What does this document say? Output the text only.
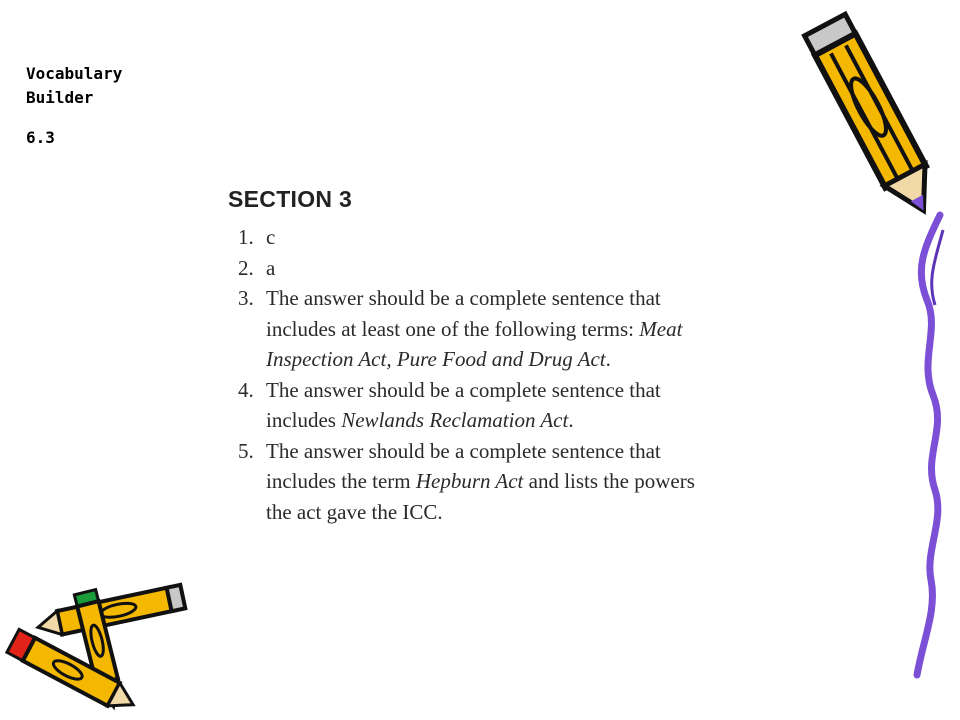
Vocabulary Builder
6.3
SECTION 3
1. c
2. a
3. The answer should be a complete sentence that includes at least one of the following terms: Meat Inspection Act, Pure Food and Drug Act.
4. The answer should be a complete sentence that includes Newlands Reclamation Act.
5. The answer should be a complete sentence that includes the term Hepburn Act and lists the powers the act gave the ICC.
